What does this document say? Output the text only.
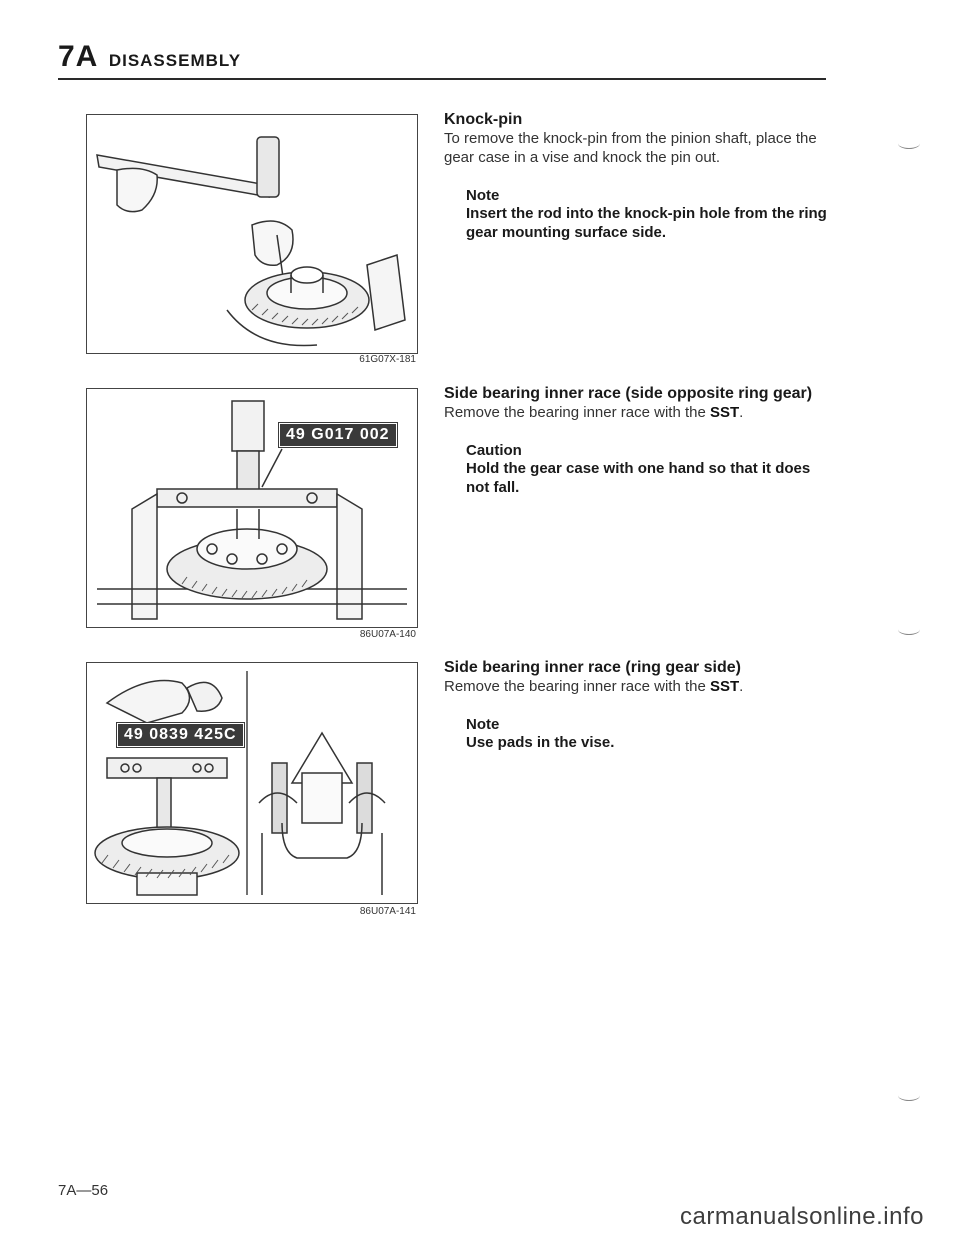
7A DISASSEMBLY
61G07X-181
49 G017 002
86U07A-140
49 0839 425C
86U07A-141
Knock-pin
To remove the knock-pin from the pinion shaft, place the gear case in a vise and knock the pin out.
Note
Insert the rod into the knock-pin hole from the ring gear mounting surface side.
Side bearing inner race (side opposite ring gear)
Remove the bearing inner race with the SST.
Caution
Hold the gear case with one hand so that it does not fall.
Side bearing inner race (ring gear side)
Remove the bearing inner race with the SST.
Note
Use pads in the vise.
7A—56
carmanualsonline.info
